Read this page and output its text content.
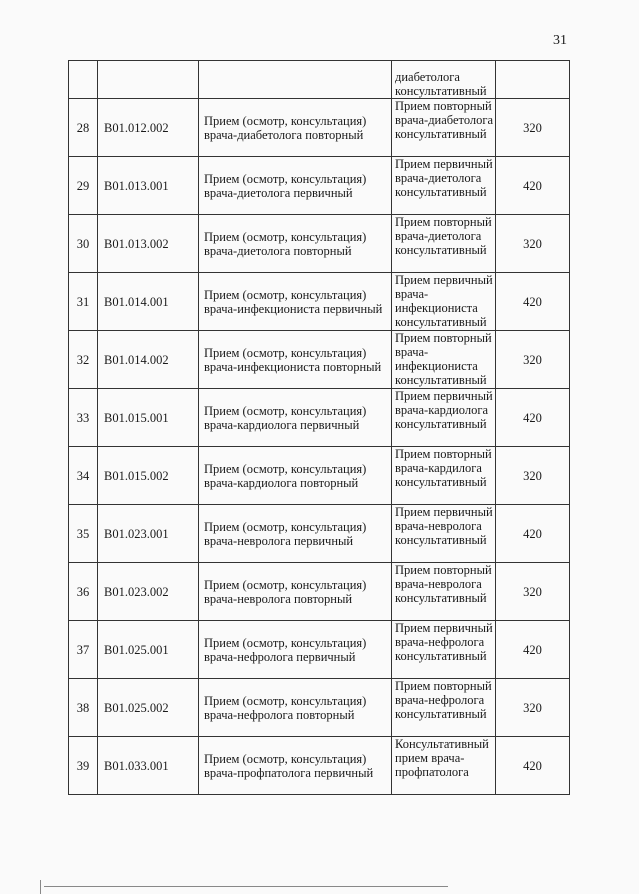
31
			диабетолога консультативный	
28	B01.012.002	Прием (осмотр, консультация) врача-диабетолога повторный	Прием повторный врача-диабетолога консультативный	320
29	B01.013.001	Прием (осмотр, консультация) врача-диетолога первичный	Прием первичный врача-диетолога консультативный	420
30	B01.013.002	Прием (осмотр, консультация) врача-диетолога повторный	Прием повторный врача-диетолога консультативный	320
31	B01.014.001	Прием (осмотр, консультация) врача-инфекциониста первичный	Прием первичный врача-инфекциониста консультативный	420
32	B01.014.002	Прием (осмотр, консультация) врача-инфекциониста повторный	Прием повторный врача-инфекциониста консультативный	320
33	B01.015.001	Прием (осмотр, консультация) врача-кардиолога первичный	Прием первичный врача-кардиолога консультативный	420
34	B01.015.002	Прием (осмотр, консультация) врача-кардиолога повторный	Прием повторный врача-кардилога консультативный	320
35	B01.023.001	Прием (осмотр, консультация) врача-невролога первичный	Прием первичный врача-невролога консультативный	420
36	B01.023.002	Прием (осмотр, консультация) врача-невролога повторный	Прием повторный врача-невролога консультативный	320
37	B01.025.001	Прием (осмотр, консультация) врача-нефролога первичный	Прием первичный врача-нефролога консультативный	420
38	B01.025.002	Прием (осмотр, консультация) врача-нефролога повторный	Прием повторный врача-нефролога консультативный	320
39	B01.033.001	Прием (осмотр, консультация) врача-профпатолога первичный	Консультативный прием врача-профпатолога	420
